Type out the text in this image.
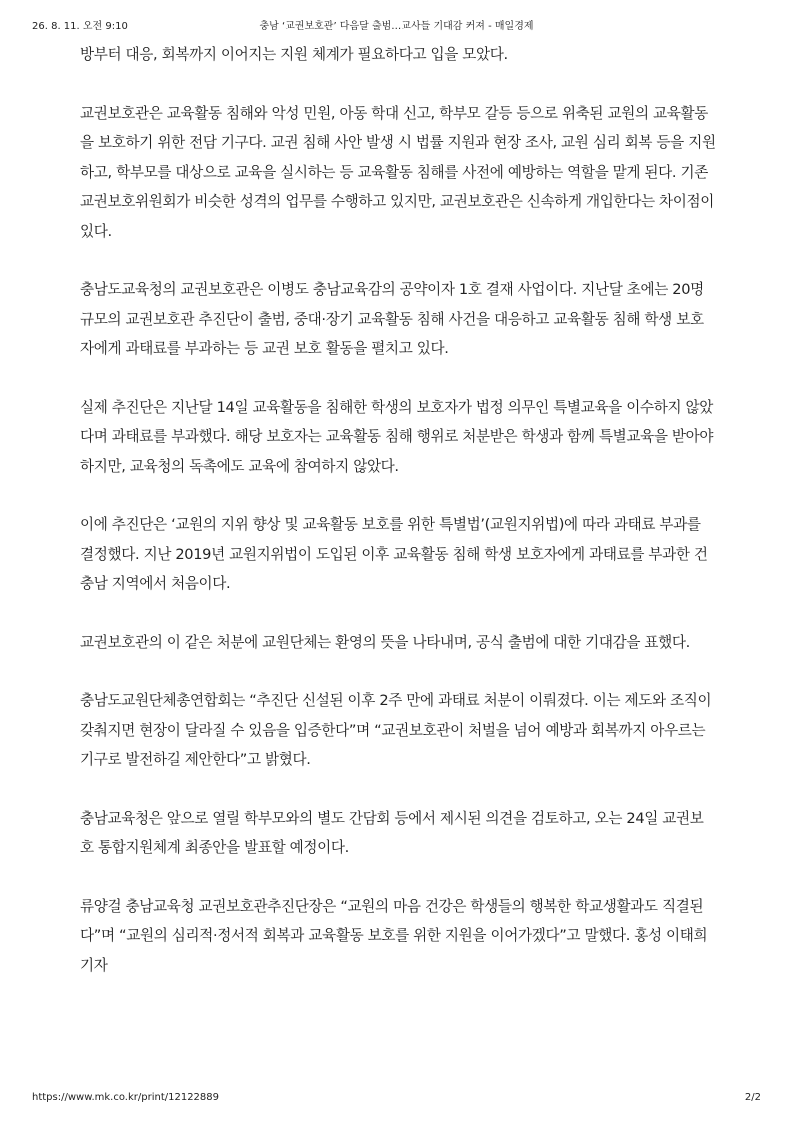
26. 8. 11. 오전 9:10	충남 ‘교권보호관’ 다음달 출범…교사들 기대감 커져 - 매일경제

방부터 대응, 회복까지 이어지는 지원 체계가 필요하다고 입을 모았다.

교권보호관은 교육활동 침해와 악성 민원, 아동 학대 신고, 학부모 갈등 등으로 위축된 교원의 교육활동을 보호하기 위한 전담 기구다. 교권 침해 사안 발생 시 법률 지원과 현장 조사, 교원 심리 회복 등을 지원하고, 학부모를 대상으로 교육을 실시하는 등 교육활동 침해를 사전에 예방하는 역할을 맡게 된다. 기존 교권보호위원회가 비슷한 성격의 업무를 수행하고 있지만, 교권보호관은 신속하게 개입한다는 차이점이 있다.

충남도교육청의 교권보호관은 이병도 충남교육감의 공약이자 1호 결재 사업이다. 지난달 초에는 20명 규모의 교권보호관 추진단이 출범, 중대·장기 교육활동 침해 사건을 대응하고 교육활동 침해 학생 보호자에게 과태료를 부과하는 등 교권 보호 활동을 펼치고 있다.

실제 추진단은 지난달 14일 교육활동을 침해한 학생의 보호자가 법정 의무인 특별교육을 이수하지 않았다며 과태료를 부과했다. 해당 보호자는 교육활동 침해 행위로 처분받은 학생과 함께 특별교육을 받아야 하지만, 교육청의 독촉에도 교육에 참여하지 않았다.

이에 추진단은 ‘교원의 지위 향상 및 교육활동 보호를 위한 특별법’(교원지위법)에 따라 과태료 부과를 결정했다. 지난 2019년 교원지위법이 도입된 이후 교육활동 침해 학생 보호자에게 과태료를 부과한 건 충남 지역에서 처음이다.

교권보호관의 이 같은 처분에 교원단체는 환영의 뜻을 나타내며, 공식 출범에 대한 기대감을 표했다.

충남도교원단체총연합회는 “추진단 신설된 이후 2주 만에 과태료 처분이 이뤄졌다. 이는 제도와 조직이 갖춰지면 현장이 달라질 수 있음을 입증한다”며 “교권보호관이 처벌을 넘어 예방과 회복까지 아우르는 기구로 발전하길 제안한다”고 밝혔다.

충남교육청은 앞으로 열릴 학부모와의 별도 간담회 등에서 제시된 의견을 검토하고, 오는 24일 교권보호 통합지원체계 최종안을 발표할 예정이다.

류양걸 충남교육청 교권보호관추진단장은 “교원의 마음 건강은 학생들의 행복한 학교생활과도 직결된다”며 “교원의 심리적·정서적 회복과 교육활동 보호를 위한 지원을 이어가겠다”고 말했다. 홍성 이태희 기자

https://www.mk.co.kr/print/12122889	2/2
